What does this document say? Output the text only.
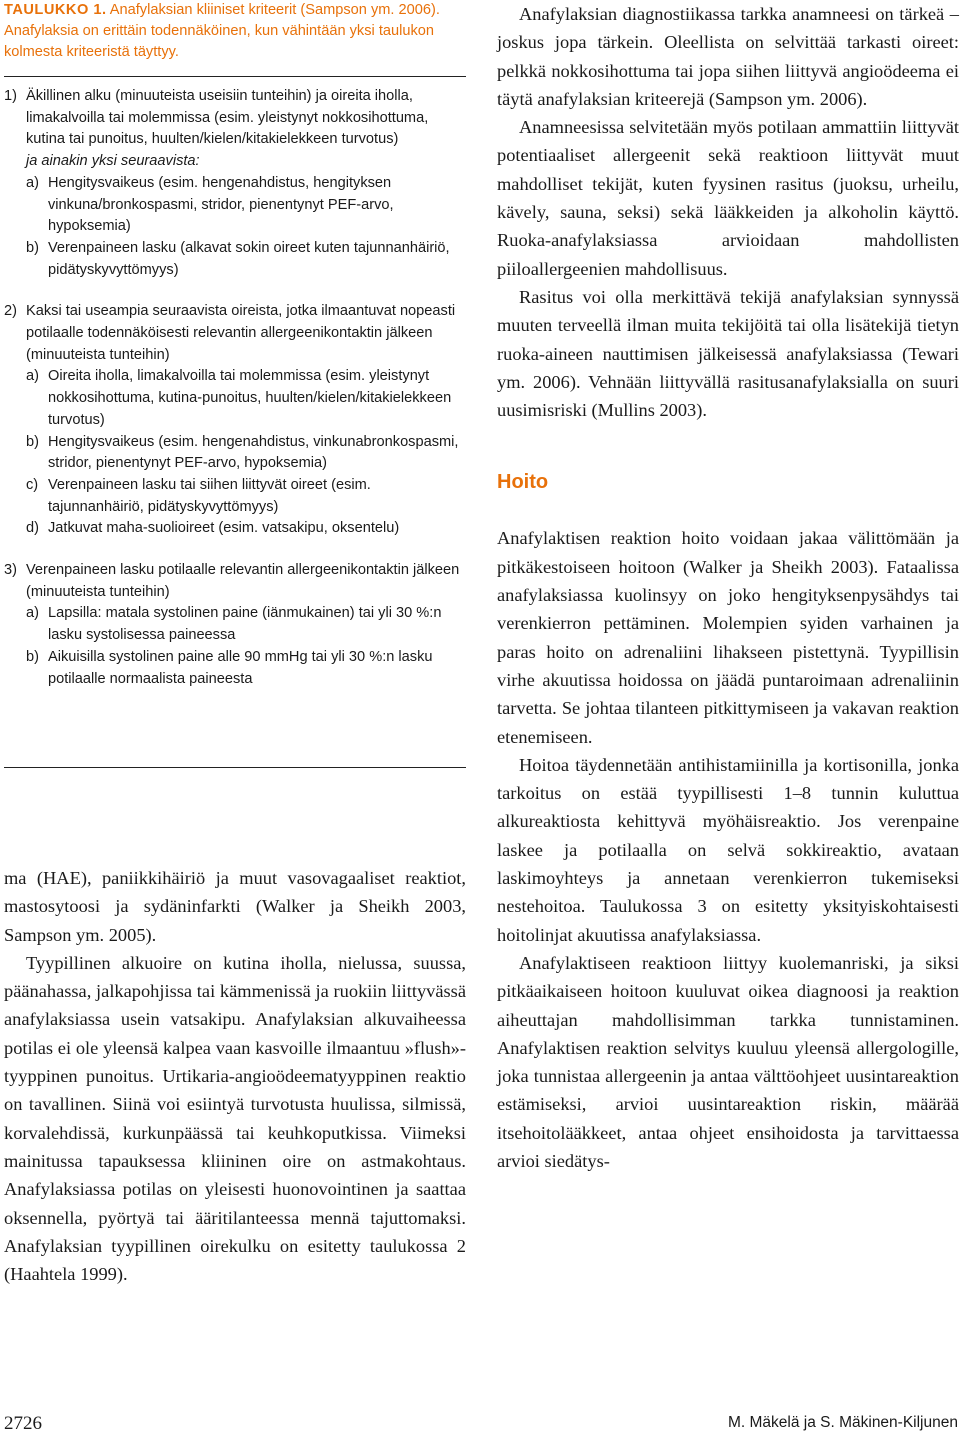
TAULUKKO 1. Anafylaksian kliiniset kriteerit (Sampson ym. 2006). Anafylaksia on erittäin todennäköinen, kun vähintään yksi taulukon kolmesta kriteeristä täyttyy.

1) Äkillinen alku (minuuteista useisiin tunteihin) ja oireita iholla, limakalvoilla tai molemmissa (esim. yleistynyt nokkosihottuma, kutina tai punoitus, huulten/kielen/kitakielekkeen turvotus)
ja ainakin yksi seuraavista:
a) Hengitysvaikeus (esim. hengenahdistus, hengityksen vinkuna/bronkospasmi, stridor, pienentynyt PEF-arvo, hypoksemia)
b) Verenpaineen lasku (alkavat sokin oireet kuten tajunnanhäiriö, pidätyskyvyttömyys)
2) Kaksi tai useampia seuraavista oireista, jotka ilmaantuvat nopeasti potilaalle todennäköisesti relevantin allergeenikontaktin jälkeen (minuuteista tunteihin)
a) Oireita iholla, limakalvoilla tai molemmissa (esim. yleistynyt nokkosihottuma, kutina-punoitus, huulten/kielen/kitakielekkeen turvotus)
b) Hengitysvaikeus (esim. hengenahdistus, vinkunabronkospasmi, stridor, pienentynyt PEF-arvo, hypoksemia)
c) Verenpaineen lasku tai siihen liittyvät oireet (esim. tajunnanhäiriö, pidätyskyvyttömyys)
d) Jatkuvat maha-suolioireet (esim. vatsakipu, oksentelu)
3) Verenpaineen lasku potilaalle relevantin allergeenikontaktin jälkeen (minuuteista tunteihin)
a) Lapsilla: matala systolinen paine (iänmukainen) tai yli 30 %:n lasku systolisessa paineessa
b) Aikuisilla systolinen paine alle 90 mmHg tai yli 30 %:n lasku potilaalle normaalista paineesta

ma (HAE), paniikkihäiriö ja muut vasovagaaliset reaktiot, mastosytoosi ja sydäninfarkti (Walker ja Sheikh 2003, Sampson ym. 2005).

Tyypillinen alkuoire on kutina iholla, nielussa, suussa, päänahassa, jalkapohjissa tai kämmenissä ja ruokiin liittyvässä anafylaksiassa usein vatsakipu. Anafylaksian alkuvaiheessa potilas ei ole yleensä kalpea vaan kasvoille ilmaantuu »flush»-tyyppinen punoitus. Urtikaria-angioödeematyyppinen reaktio on tavallinen. Siinä voi esiintyä turvotusta huulissa, silmissä, korvalehdissä, kurkunpäässä tai keuhkoputkissa. Viimeksi mainitussa tapauksessa kliininen oire on astmakohtaus. Anafylaksiassa potilas on yleisesti huonovointinen ja saattaa oksennella, pyörtyä tai ääritilanteessa mennä tajuttomaksi. Anafylaksian tyypillinen oirekulku on esitetty taulukossa 2 (Haahtela 1999).

Anafylaksian diagnostiikassa tarkka anamneesi on tärkeä – joskus jopa tärkein. Oleellista on selvittää tarkasti oireet: pelkkä nokkosihottuma tai jopa siihen liittyvä angioödeema ei täytä anafylaksian kriteerejä (Sampson ym. 2006).

Anamneesissa selvitetään myös potilaan ammattiin liittyvät potentiaaliset allergeenit sekä reaktioon liittyvät muut mahdolliset tekijät, kuten fyysinen rasitus (juoksu, urheilu, kävely, sauna, seksi) sekä lääkkeiden ja alkoholin käyttö. Ruoka-anafylaksiassa arvioidaan mahdollisten piiloallergeenien mahdollisuus.

Rasitus voi olla merkittävä tekijä anafylaksian synnyssä muuten terveellä ilman muita tekijöitä tai olla lisätekijä tietyn ruoka-aineen nauttimisen jälkeisessä anafylaksiassa (Tewari ym. 2006). Vehnään liittyvällä rasitusanafylaksialla on suuri uusimisriski (Mullins 2003).

Hoito

Anafylaktisen reaktion hoito voidaan jakaa välittömään ja pitkäkestoiseen hoitoon (Walker ja Sheikh 2003). Fataalissa anafylaksiassa kuolinsyy on joko hengityksenpysähdys tai verenkierron pettäminen. Molempien syiden varhainen ja paras hoito on adrenaliini lihakseen pistettynä. Tyypillisin virhe akuutissa hoidossa on jäädä puntaroimaan adrenaliinin tarvetta. Se johtaa tilanteen pitkittymiseen ja vakavan reaktion etenemiseen.

Hoitoa täydennetään antihistamiinilla ja kortisonilla, jonka tarkoitus on estää tyypillisesti 1–8 tunnin kuluttua alkureaktiosta kehittyvä myöhäisreaktio. Jos verenpaine laskee ja potilaalla on selvä sokkireaktio, avataan laskimoyhteys ja annetaan verenkierron tukemiseksi nestehoitoa. Taulukossa 3 on esitetty yksityiskohtaisesti hoitolinjat akuutissa anafylaksiassa.

Anafylaktiseen reaktioon liittyy kuolemanriski, ja siksi pitkäaikaiseen hoitoon kuuluvat oikea diagnoosi ja reaktion aiheuttajan mahdollisimman tarkka tunnistaminen. Anafylaktisen reaktion selvitys kuuluu yleensä allergologille, joka tunnistaa allergeenin ja antaa välttöohjeet uusintareaktion estämiseksi, arvioi uusintareaktion riskin, määrää itsehoitolääkkeet, antaa ohjeet ensihoidosta ja tarvittaessa arvioi siedätys-

2726	M. Mäkelä ja S. Mäkinen-Kiljunen
